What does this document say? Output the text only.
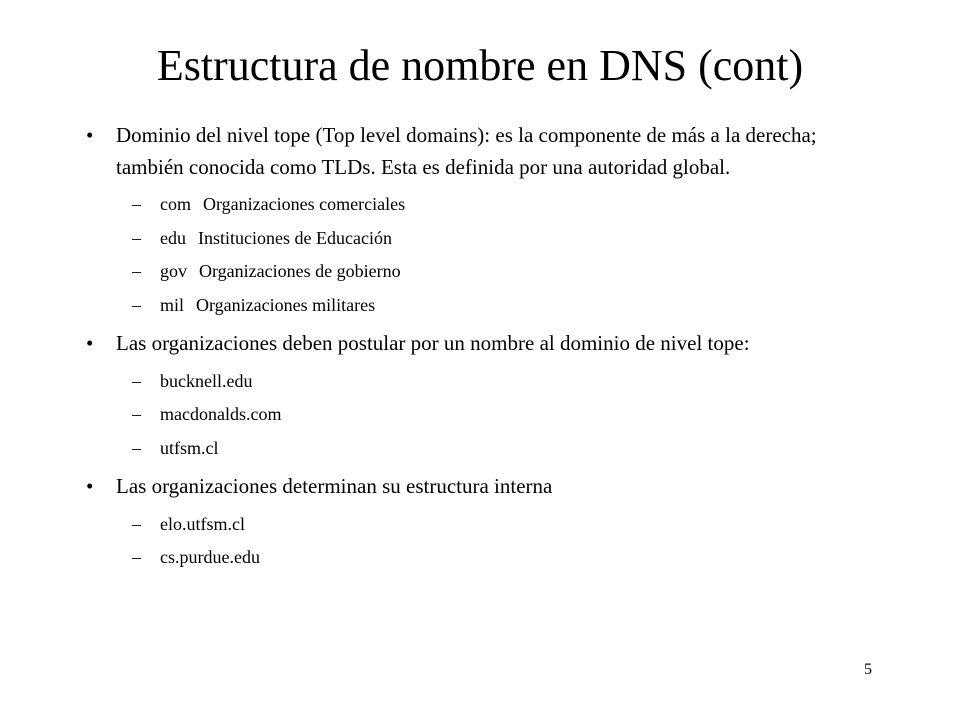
Estructura de nombre en DNS (cont)
• Dominio del nivel tope (Top level domains): es la componente de más a la derecha; también conocida como TLDs. Esta es definida por una autoridad global.
– com Organizaciones comerciales
– edu Instituciones de Educación
– gov Organizaciones de gobierno
– mil Organizaciones militares
• Las organizaciones deben postular por un nombre al dominio de nivel tope:
– bucknell.edu
– macdonalds.com
– utfsm.cl
• Las organizaciones determinan su estructura interna
– elo.utfsm.cl
– cs.purdue.edu
5
